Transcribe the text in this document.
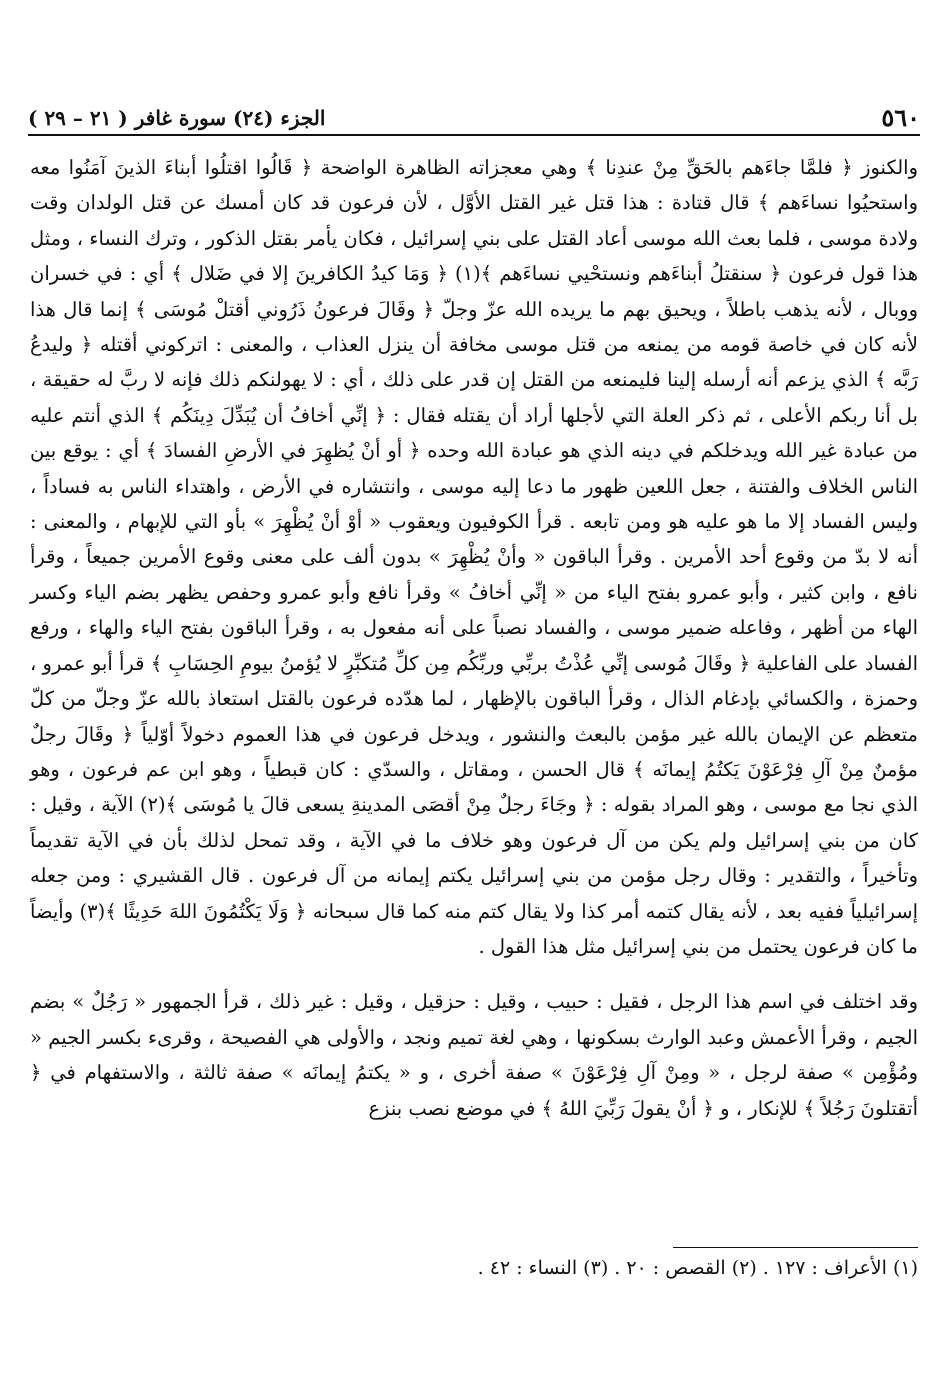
٥٦٠
الجزء (٢٤) سورة غافر ( ٢١ – ٢٩ )

والكنوز ﴿ فلمَّا جاءَهم بالحَقِّ مِنْ عندِنا ﴾ وهي معجزاته الظاهرة الواضحة ﴿ قَالُوا اقتلُوا أبناءَ الذينَ آمَنُوا معه واستحيُوا نساءَهم ﴾ قال قتادة : هذا قتل غير القتل الأوَّل ، لأن فرعون قد كان أمسك عن قتل الولدان وقت ولادة موسى ، فلما بعث الله موسى أعاد القتل على بني إسرائيل ، فكان يأمر بقتل الذكور ، وترك النساء ، ومثل هذا قول فرعون ﴿ سنقتلُ أبناءَهم ونستحْيي نساءَهم ﴾(١) ﴿ وَمَا كيدُ الكافرينَ إلا في ضَلال ﴾ أي : في خسران ووبال ، لأنه يذهب باطلاً ، ويحيق بهم ما يريده الله عزّ وجلّ ﴿ وقَالَ فرعونُ ذَرُوني أقتلْ مُوسَى ﴾ إنما قال هذا لأنه كان في خاصة قومه من يمنعه من قتل موسى مخافة أن ينزل العذاب ، والمعنى : اتركوني أقتله ﴿ وليدعُ رَبَّه ﴾ الذي يزعم أنه أرسله إلينا فليمنعه من القتل إن قدر على ذلك ، أي : لا يهولنكم ذلك فإنه لا ربَّ له حقيقة ، بل أنا ربكم الأعلى ، ثم ذكر العلة التي لأجلها أراد أن يقتله فقال : ﴿ إنِّي أخافُ أن يُبَدِّلَ دِينَكُم ﴾ الذي أنتم عليه من عبادة غير الله ويدخلكم في دينه الذي هو عبادة الله وحده ﴿ أو أنْ يُظهِرَ في الأرضِ الفسادَ ﴾ أي : يوقع بين الناس الخلاف والفتنة ، جعل اللعين ظهور ما دعا إليه موسى ، وانتشاره في الأرض ، واهتداء الناس به فساداً ، وليس الفساد إلا ما هو عليه هو ومن تابعه . قرأ الكوفيون ويعقوب « أوْ أنْ يُظْهِرَ » بأو التي للإبهام ، والمعنى : أنه لا بدّ من وقوع أحد الأمرين . وقرأ الباقون « وأنْ يُظْهِرَ » بدون ألف على معنى وقوع الأمرين جميعاً ، وقرأ نافع ، وابن كثير ، وأبو عمرو بفتح الياء من « إنِّي أخافُ » وقرأ نافع وأبو عمرو وحفص يظهر بضم الياء وكسر الهاء من أظهر ، وفاعله ضمير موسى ، والفساد نصباً على أنه مفعول به ، وقرأ الباقون بفتح الياء والهاء ، ورفع الفساد على الفاعلية ﴿ وقَالَ مُوسى إنِّي عُذْتُ بربِّي وربِّكُم مِن كلِّ مُتكبِّرٍ لا يُؤمنُ بيومِ الحِسَابِ ﴾ قرأ أبو عمرو ، وحمزة ، والكسائي بإدغام الذال ، وقرأ الباقون بالإظهار ، لما هدّده فرعون بالقتل استعاذ بالله عزّ وجلّ من كلّ متعظم عن الإيمان بالله غير مؤمن بالبعث والنشور ، ويدخل فرعون في هذا العموم دخولاً أوّلياً ﴿ وقَالَ رجلٌ مؤمنٌ مِنْ آلِ فِرْعَوْنَ يَكتُمُ إيمانَه ﴾ قال الحسن ، ومقاتل ، والسدّي : كان قبطياً ، وهو ابن عم فرعون ، وهو الذي نجا مع موسى ، وهو المراد بقوله : ﴿ وجَاءَ رجلٌ مِنْ أقصَى المدينةِ يسعى قالَ يا مُوسَى ﴾(٢) الآية ، وقيل : كان من بني إسرائيل ولم يكن من آل فرعون وهو خلاف ما في الآية ، وقد تمحل لذلك بأن في الآية تقديماً وتأخيراً ، والتقدير : وقال رجل مؤمن من بني إسرائيل يكتم إيمانه من آل فرعون . قال القشيري : ومن جعله إسرائيلياً ففيه بعد ، لأنه يقال كتمه أمر كذا ولا يقال كتم منه كما قال سبحانه ﴿ وَلَا يَكْتُمُونَ اللهَ حَدِيثًا ﴾(٣) وأيضاً ما كان فرعون يحتمل من بني إسرائيل مثل هذا القول .

وقد اختلف في اسم هذا الرجل ، فقيل : حبيب ، وقيل : حزقيل ، وقيل : غير ذلك ، قرأ الجمهور « رَجُلٌ » بضم الجيم ، وقرأ الأعمش وعبد الوارث بسكونها ، وهي لغة تميم ونجد ، والأولى هي الفصيحة ، وقرىء بكسر الجيم « ومُؤْمِن » صفة لرجل ، « ومِنْ آلِ فِرْعَوْنَ » صفة أخرى ، و « يكتمُ إيمانَه » صفة ثالثة ، والاستفهام في ﴿ أتقتلونَ رَجُلاً ﴾ للإنكار ، و ﴿ أنْ يقولَ رَبِّيَ اللهُ ﴾ في موضع نصب بنزع

(١) الأعراف : ١٢٧ . (٢) القصص : ٢٠ . (٣) النساء : ٤٢ .
